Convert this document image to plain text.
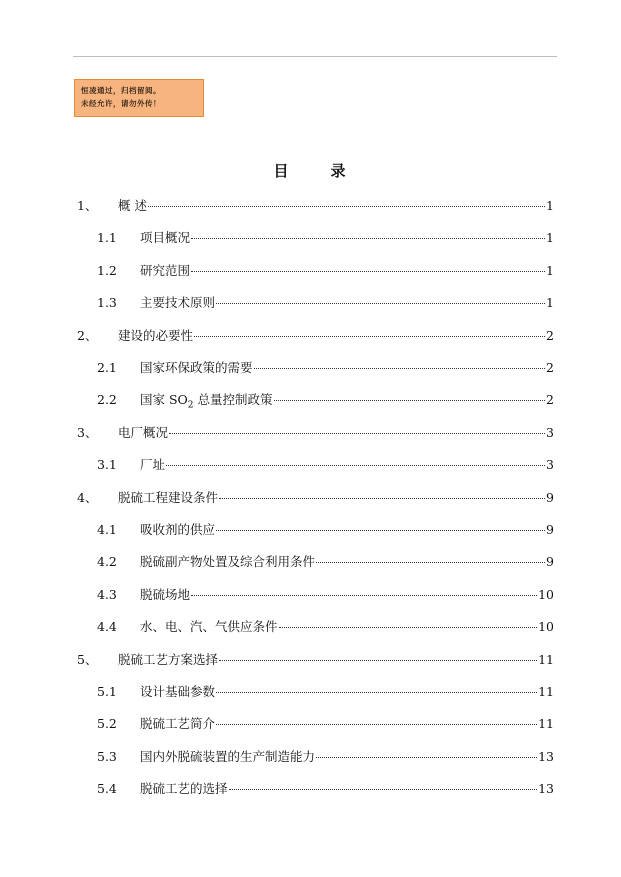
恒凌通过，归档留阅。
未经允许，请勿外传！
目	录
1、 概 述	1
1.1 项目概况	1
1.2 研究范围	1
1.3 主要技术原则	1
2、 建设的必要性	2
2.1 国家环保政策的需要	2
2.2 国家 $SO_2$ 总量控制政策	2
3、 电厂概况	3
3.1 厂址	3
4、 脱硫工程建设条件	9
4.1 吸收剂的供应	9
4.2 脱硫副产物处置及综合利用条件	9
4.3 脱硫场地	10
4.4 水、电、汽、气供应条件	10
5、 脱硫工艺方案选择	11
5.1 设计基础参数	11
5.2 脱硫工艺简介	11
5.3 国内外脱硫装置的生产制造能力	13
5.4 脱硫工艺的选择	13
